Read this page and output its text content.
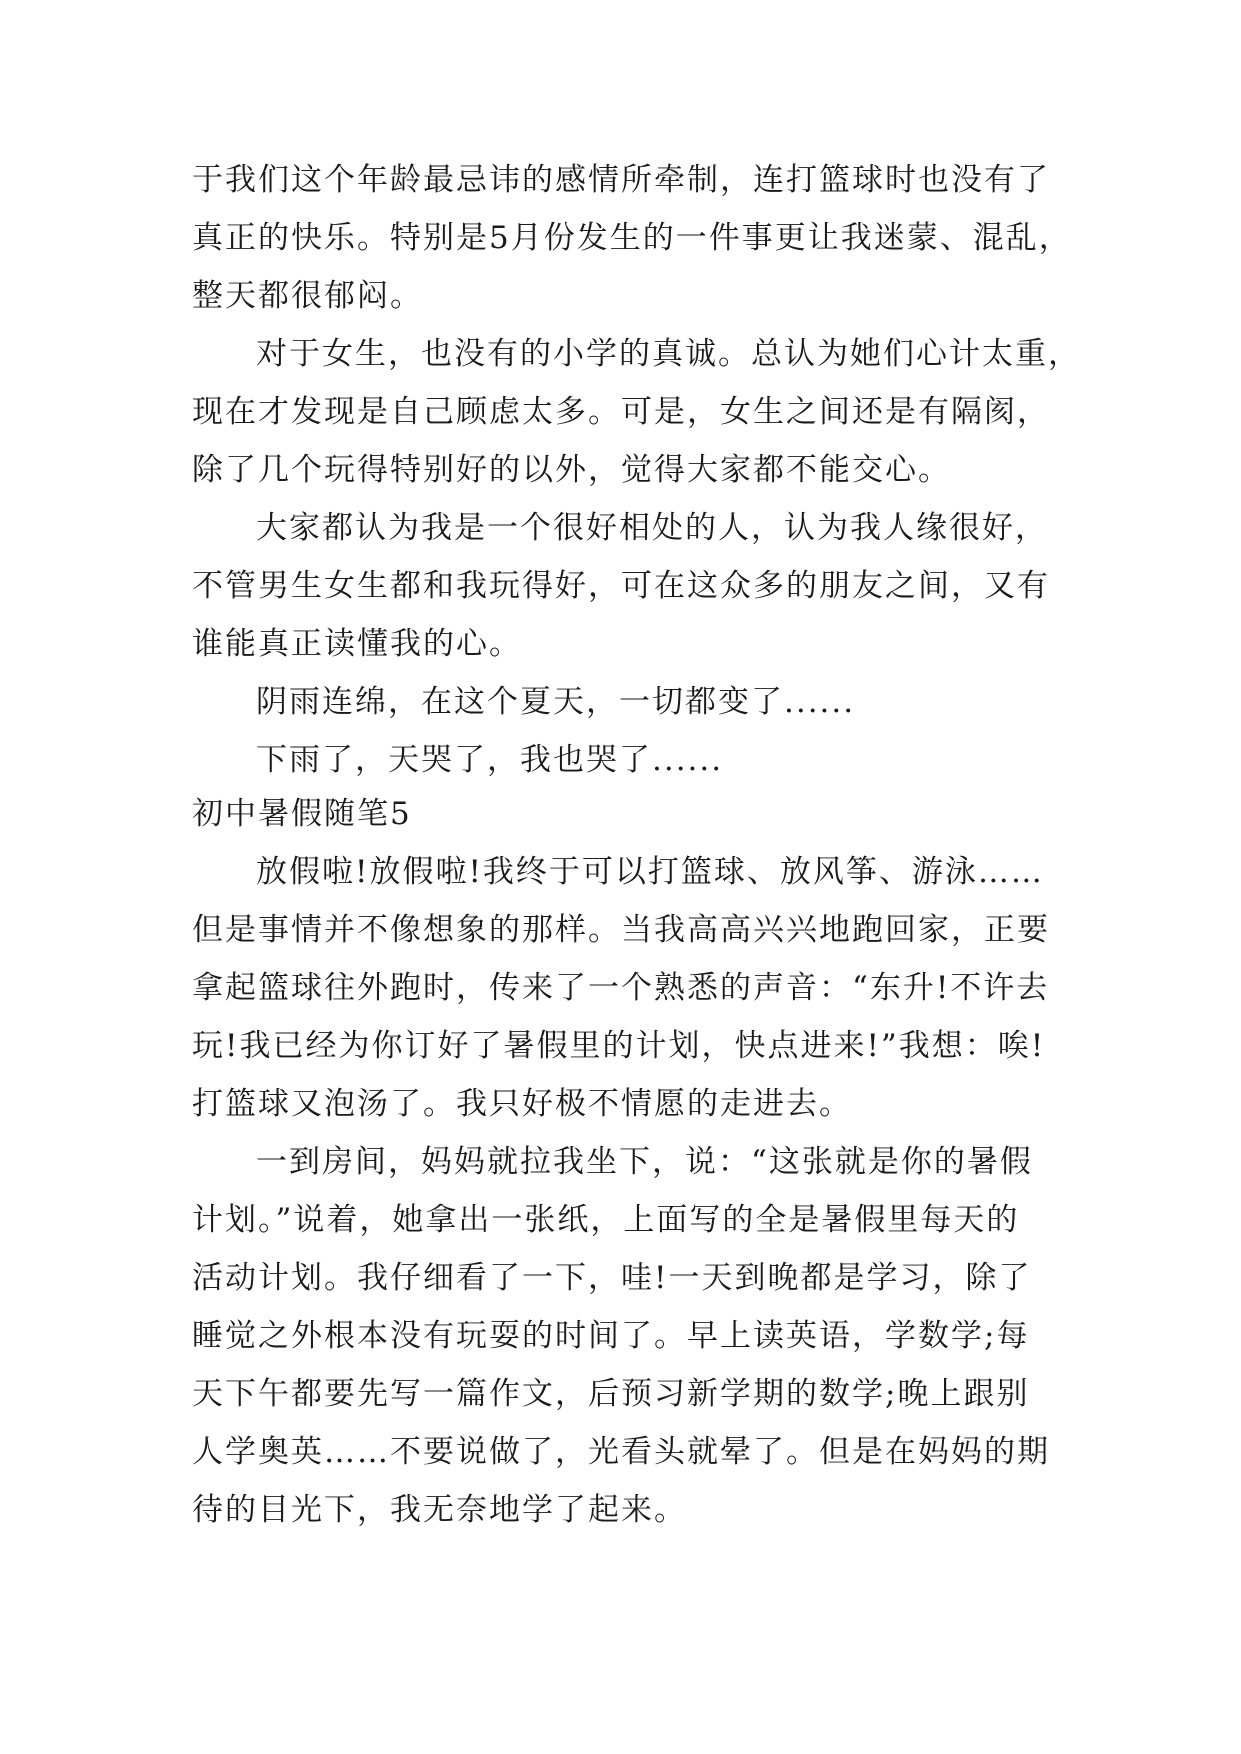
于我们这个年龄最忌讳的感情所牵制，连打篮球时也没有了
真正的快乐。特别是5月份发生的一件事更让我迷蒙、混乱，
整天都很郁闷。
对于女生，也没有的小学的真诚。总认为她们心计太重，
现在才发现是自己顾虑太多。可是，女生之间还是有隔阂，
除了几个玩得特别好的以外，觉得大家都不能交心。
大家都认为我是一个很好相处的人，认为我人缘很好，
不管男生女生都和我玩得好，可在这众多的朋友之间，又有
谁能真正读懂我的心。
阴雨连绵，在这个夏天，一切都变了......
下雨了，天哭了，我也哭了......
初中暑假随笔5
放假啦!放假啦!我终于可以打篮球、放风筝、游泳……
但是事情并不像想象的那样。当我高高兴兴地跑回家，正要
拿起篮球往外跑时，传来了一个熟悉的声音：“东升!不许去
玩!我已经为你订好了暑假里的计划，快点进来!”我想：唉!
打篮球又泡汤了。我只好极不情愿的走进去。
一到房间，妈妈就拉我坐下，说：“这张就是你的暑假
计划。”说着，她拿出一张纸，上面写的全是暑假里每天的
活动计划。我仔细看了一下，哇!一天到晚都是学习，除了
睡觉之外根本没有玩耍的时间了。早上读英语，学数学;每
天下午都要先写一篇作文，后预习新学期的数学;晚上跟别
人学奥英……不要说做了，光看头就晕了。但是在妈妈的期
待的目光下，我无奈地学了起来。
